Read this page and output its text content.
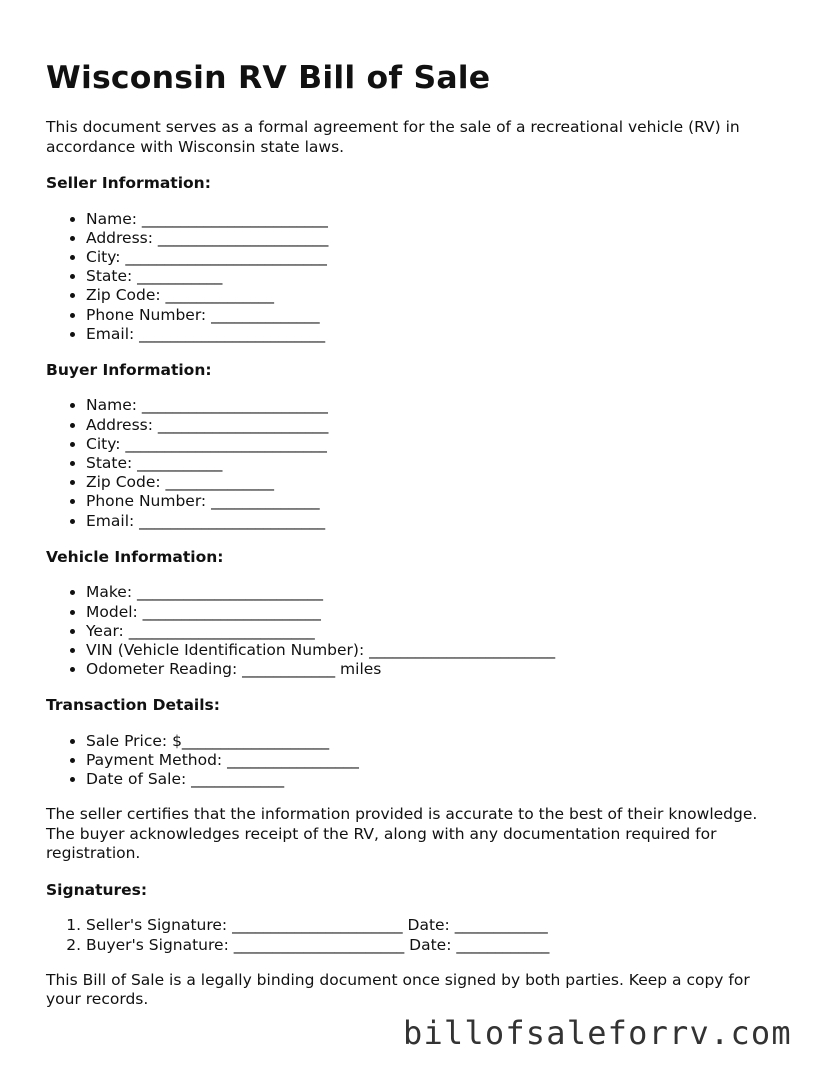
Wisconsin RV Bill of Sale

This document serves as a formal agreement for the sale of a recreational vehicle (RV) in accordance with Wisconsin state laws.

Seller Information:
• Name: ________________________
• Address: ______________________
• City: __________________________
• State: ___________
• Zip Code: ______________
• Phone Number: ______________
• Email: ________________________
Buyer Information:
• Name: ________________________
• Address: ______________________
• City: __________________________
• State: ___________
• Zip Code: ______________
• Phone Number: ______________
• Email: ________________________
Vehicle Information:
• Make: ________________________
• Model: _______________________
• Year: ________________________
• VIN (Vehicle Identification Number): ________________________
• Odometer Reading: ____________ miles
Transaction Details:
• Sale Price: $___________________
• Payment Method: _________________
• Date of Sale: ____________

The seller certifies that the information provided is accurate to the best of their knowledge. The buyer acknowledges receipt of the RV, along with any documentation required for registration.

Signatures:
1. Seller's Signature: ______________________ Date: ____________
2. Buyer's Signature: ______________________ Date: ____________

This Bill of Sale is a legally binding document once signed by both parties. Keep a copy for your records.

billofsaleforrv.com
